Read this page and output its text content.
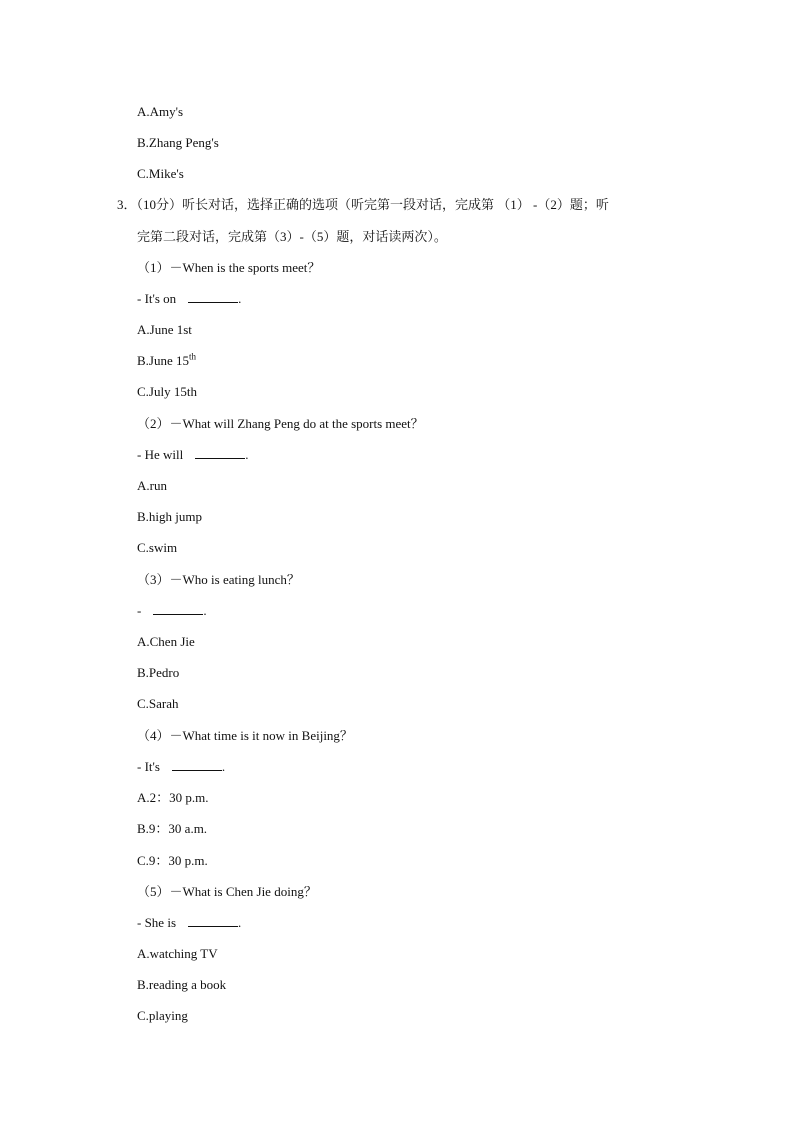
A.Amy's
B.Zhang Peng's
C.Mike's
3．（10分）听长对话，选择正确的选项（听完第一段对话，完成第 （1） -（2）题；听
完第二段对话，完成第（3）-（5）题，对话读两次）。
（1）－When is the sports meet？
- It's on	.
A.June 1st
B.June 15th
C.July 15th
（2）－What will Zhang Peng do at the sports meet？
- He will	.
A.run
B.high jump
C.swim
（3）－Who is eating lunch？
-	.
A.Chen Jie
B.Pedro
C.Sarah
（4）－What time is it now in Beijing？
- It's	.
A.2：30 p.m.
B.9：30 a.m.
C.9：30 p.m.
（5）－What is Chen Jie doing？
- She is	.
A.watching TV
B.reading a book
C.playing
